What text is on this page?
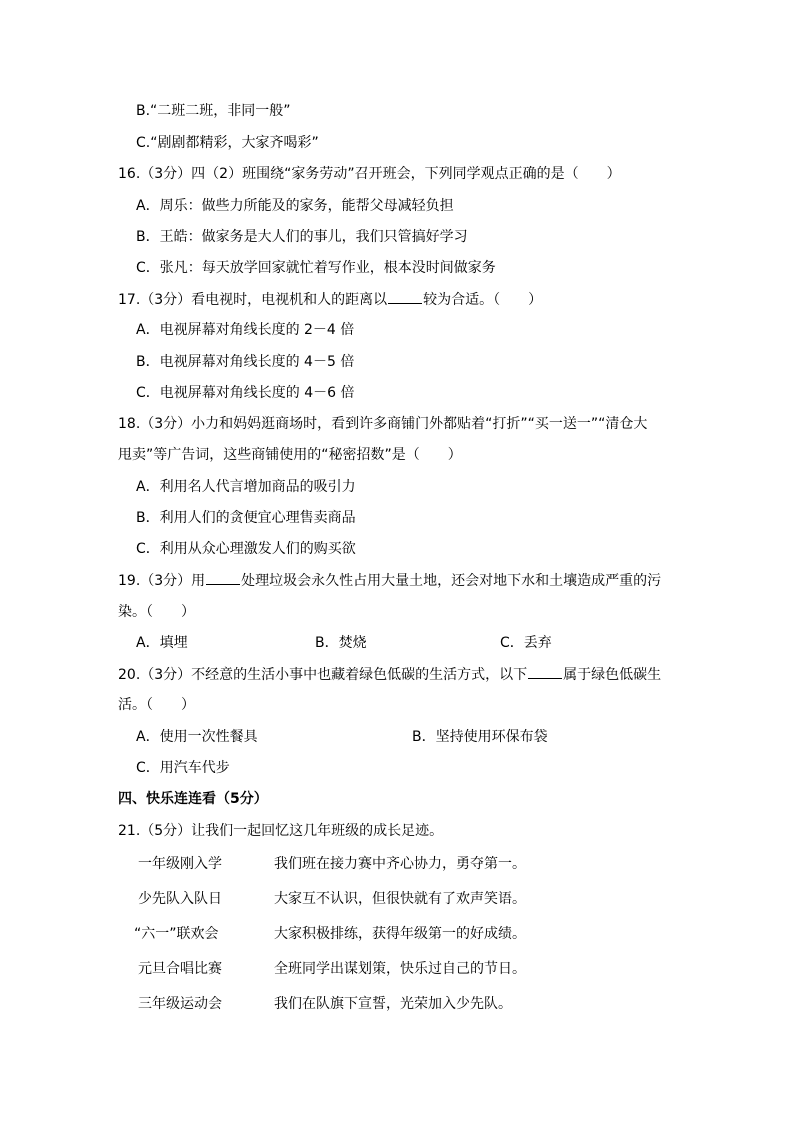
B.“二班二班，非同一般”
C.“剧剧都精彩，大家齐喝彩”
16.（3分）四（2）班围绕“家务劳动”召开班会，下列同学观点正确的是（　　）
A．周乐：做些力所能及的家务，能帮父母减轻负担
B．王皓：做家务是大人们的事儿，我们只管搞好学习
C．张凡：每天放学回家就忙着写作业，根本没时间做家务
17.（3分）看电视时，电视机和人的距离以	较为合适。（　　）
A．电视屏幕对角线长度的 2－4 倍
B．电视屏幕对角线长度的 4－5 倍
C．电视屏幕对角线长度的 4－6 倍
18.（3分）小力和妈妈逛商场时，看到许多商铺门外都贴着“打折”“买一送一”“清仓大
甩卖”等广告词，这些商铺使用的“秘密招数”是（　　）
A．利用名人代言增加商品的吸引力
B．利用人们的贪便宜心理售卖商品
C．利用从众心理激发人们的购买欲
19.（3分）用	处理垃圾会永久性占用大量土地，还会对地下水和土壤造成严重的污
染。（　　）
A．填埋	B．焚烧	C．丢弃
20.（3分）不经意的生活小事中也藏着绿色低碳的生活方式，以下	属于绿色低碳生
活。（　　）
A．使用一次性餐具	B．坚持使用环保布袋
C．用汽车代步
四、快乐连连看（5分）
21.（5分）让我们一起回忆这几年班级的成长足迹。
一年级刚入学	我们班在接力赛中齐心协力，勇夺第一。
少先队入队日	大家互不认识，但很快就有了欢声笑语。
“六一”联欢会	大家积极排练，获得年级第一的好成绩。
元旦合唱比赛	全班同学出谋划策，快乐过自己的节日。
三年级运动会	我们在队旗下宣誓，光荣加入少先队。
